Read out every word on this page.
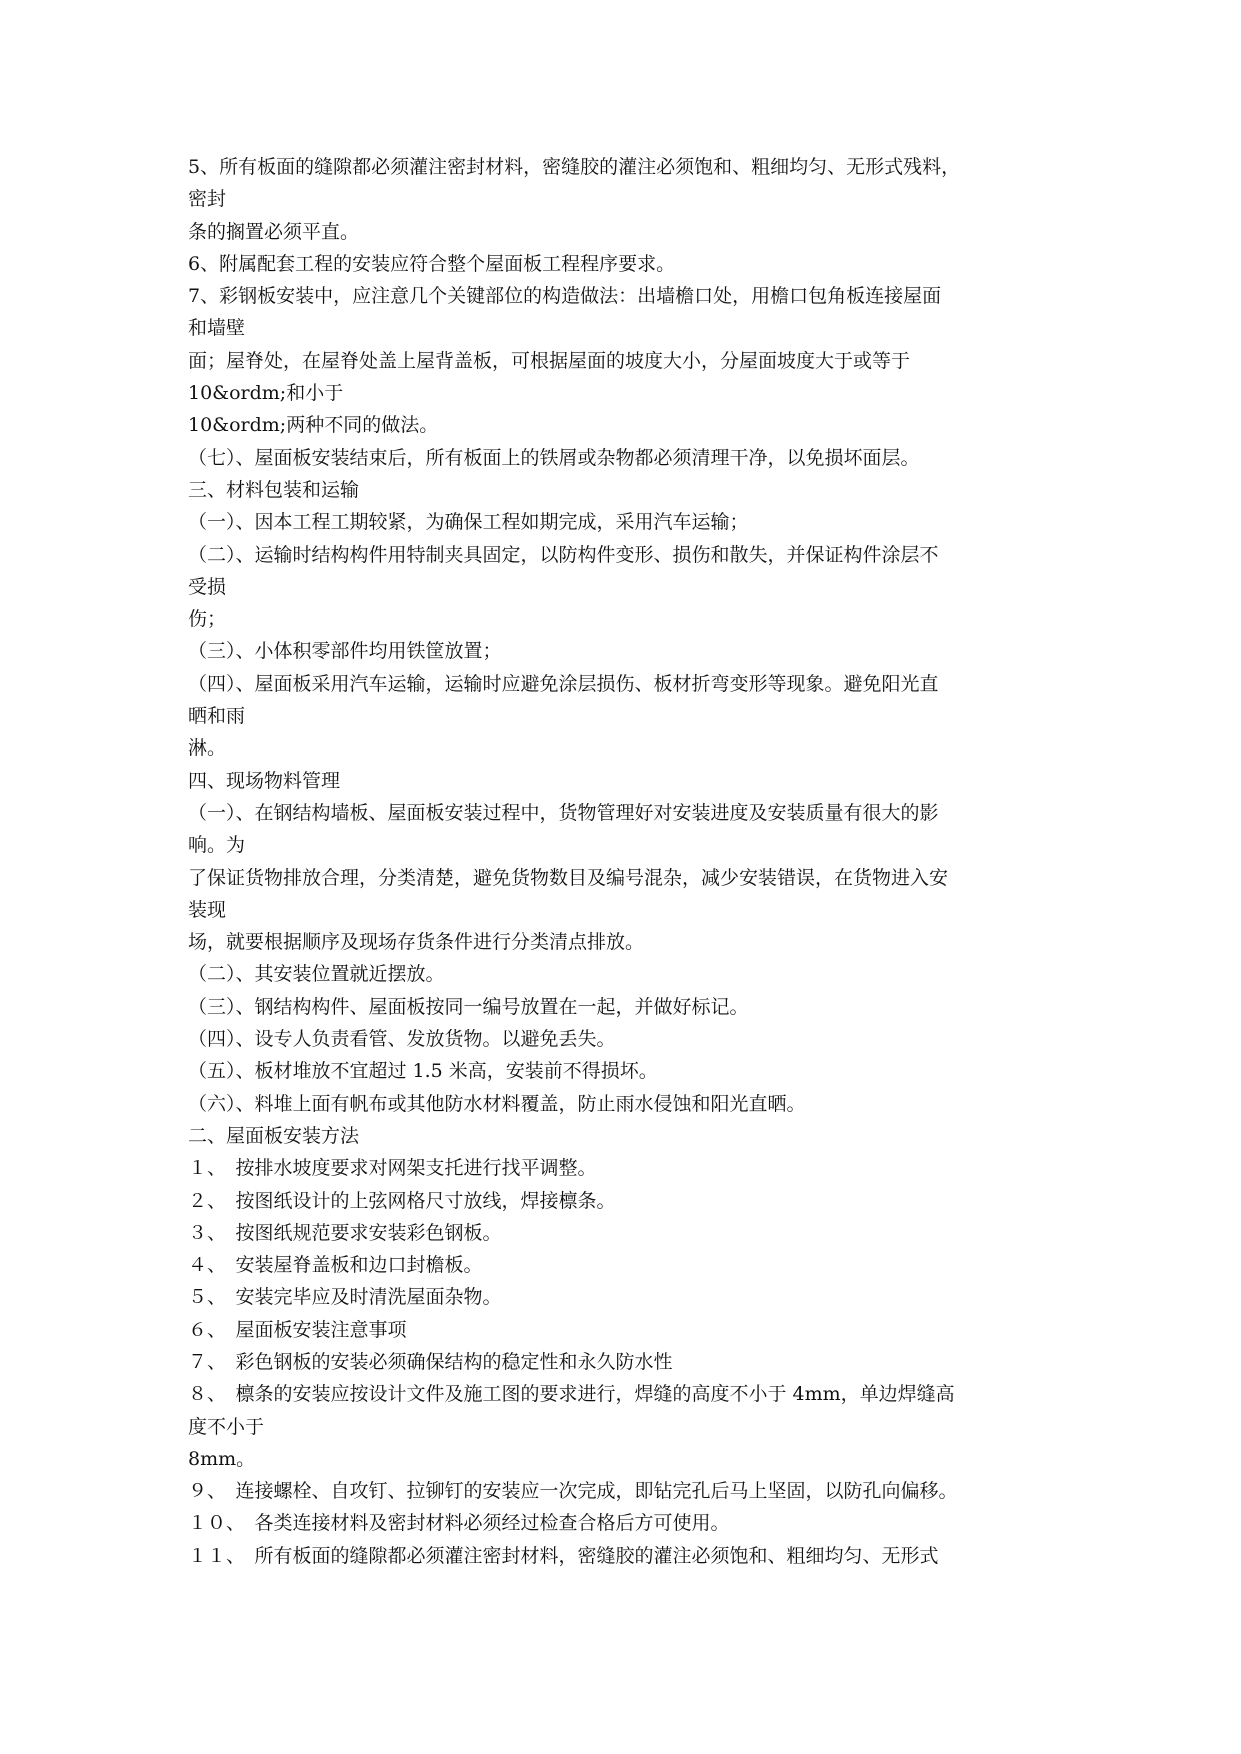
5、所有板面的缝隙都必须灌注密封材料，密缝胶的灌注必须饱和、粗细均匀、无形式残料，
密封
条的搁置必须平直。
6、附属配套工程的安装应符合整个屋面板工程程序要求。
7、彩钢板安装中，应注意几个关键部位的构造做法：出墙檐口处，用檐口包角板连接屋面
和墙壁
面；屋脊处，在屋脊处盖上屋背盖板，可根据屋面的坡度大小，分屋面坡度大于或等于
10&ordm;和小于
10&ordm;两种不同的做法。
（七）、屋面板安装结束后，所有板面上的铁屑或杂物都必须清理干净，以免损坏面层。
三、材料包装和运输
（一）、因本工程工期较紧，为确保工程如期完成，采用汽车运输；
（二）、运输时结构构件用特制夹具固定，以防构件变形、损伤和散失，并保证构件涂层不
受损
伤；
（三）、小体积零部件均用铁筐放置；
（四）、屋面板采用汽车运输，运输时应避免涂层损伤、板材折弯变形等现象。避免阳光直
晒和雨
淋。
四、现场物料管理
（一）、在钢结构墙板、屋面板安装过程中，货物管理好对安装进度及安装质量有很大的影
响。为
了保证货物排放合理，分类清楚，避免货物数目及编号混杂，减少安装错误，在货物进入安
装现
场，就要根据顺序及现场存货条件进行分类清点排放。
（二）、其安装位置就近摆放。
（三）、钢结构构件、屋面板按同一编号放置在一起，并做好标记。
（四）、设专人负责看管、发放货物。以避免丢失。
（五）、板材堆放不宜超过 1.5 米高，安装前不得损坏。
（六）、料堆上面有帆布或其他防水材料覆盖，防止雨水侵蚀和阳光直晒。
二、屋面板安装方法
１、　按排水坡度要求对网架支托进行找平调整。
２、　按图纸设计的上弦网格尺寸放线，焊接檩条。
３、　按图纸规范要求安装彩色钢板。
４、　安装屋脊盖板和边口封檐板。
５、　安装完毕应及时清洗屋面杂物。
６、　屋面板安装注意事项
７、　彩色钢板的安装必须确保结构的稳定性和永久防水性
８、　檩条的安装应按设计文件及施工图的要求进行，焊缝的高度不小于 4mm，单边焊缝高
度不小于
8mm。
９、　连接螺栓、自攻钉、拉铆钉的安装应一次完成，即钻完孔后马上坚固，以防孔向偏移。
１０、　各类连接材料及密封材料必须经过检查合格后方可使用。
１１、　所有板面的缝隙都必须灌注密封材料，密缝胶的灌注必须饱和、粗细均匀、无形式
